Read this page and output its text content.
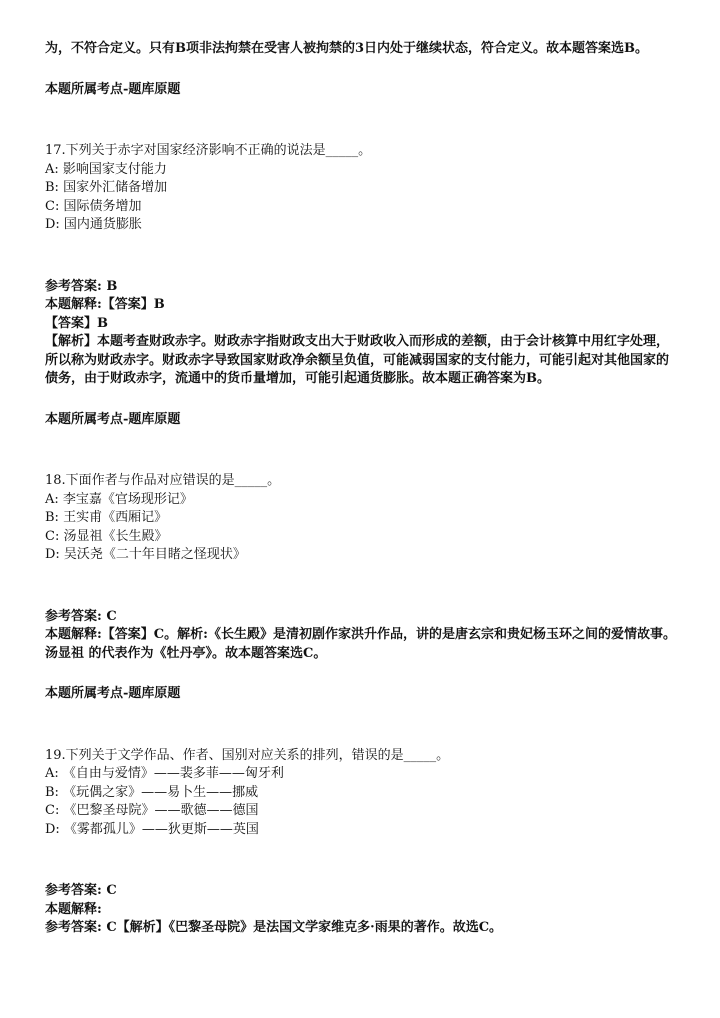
为，不符合定义。只有B项非法拘禁在受害人被拘禁的3日内处于继续状态，符合定义。故本题答案选B。
本题所属考点-题库原题
17.下列关于赤字对国家经济影响不正确的说法是_____。
A: 影响国家支付能力
B: 国家外汇储备增加
C: 国际债务增加
D: 国内通货膨胀
参考答案: B
本题解释:【答案】B
【答案】B
【解析】本题考查财政赤字。财政赤字指财政支出大于财政收入而形成的差额，由于会计核算中用红字处理，所以称为财政赤字。财政赤字导致国家财政净余额呈负值，可能减弱国家的支付能力，可能引起对其他国家的债务，由于财政赤字，流通中的货币量增加，可能引起通货膨胀。故本题正确答案为B。
本题所属考点-题库原题
18.下面作者与作品对应错误的是_____。
A: 李宝嘉《官场现形记》
B: 王实甫《西厢记》
C: 汤显祖《长生殿》
D: 吴沃尧《二十年目睹之怪现状》
参考答案: C
本题解释:【答案】C。解析:《长生殿》是清初剧作家洪升作品，讲的是唐玄宗和贵妃杨玉环之间的爱情故事。汤显祖 的代表作为《牡丹亭》。故本题答案选C。
本题所属考点-题库原题
19.下列关于文学作品、作者、国别对应关系的排列，错误的是_____。
A: 《自由与爱情》——裴多菲——匈牙利
B: 《玩偶之家》——易卜生——挪威
C: 《巴黎圣母院》——歌德——德国
D: 《雾都孤儿》——狄更斯——英国
参考答案: C
本题解释:
参考答案: C【解析】《巴黎圣母院》是法国文学家维克多·雨果的著作。故选C。
